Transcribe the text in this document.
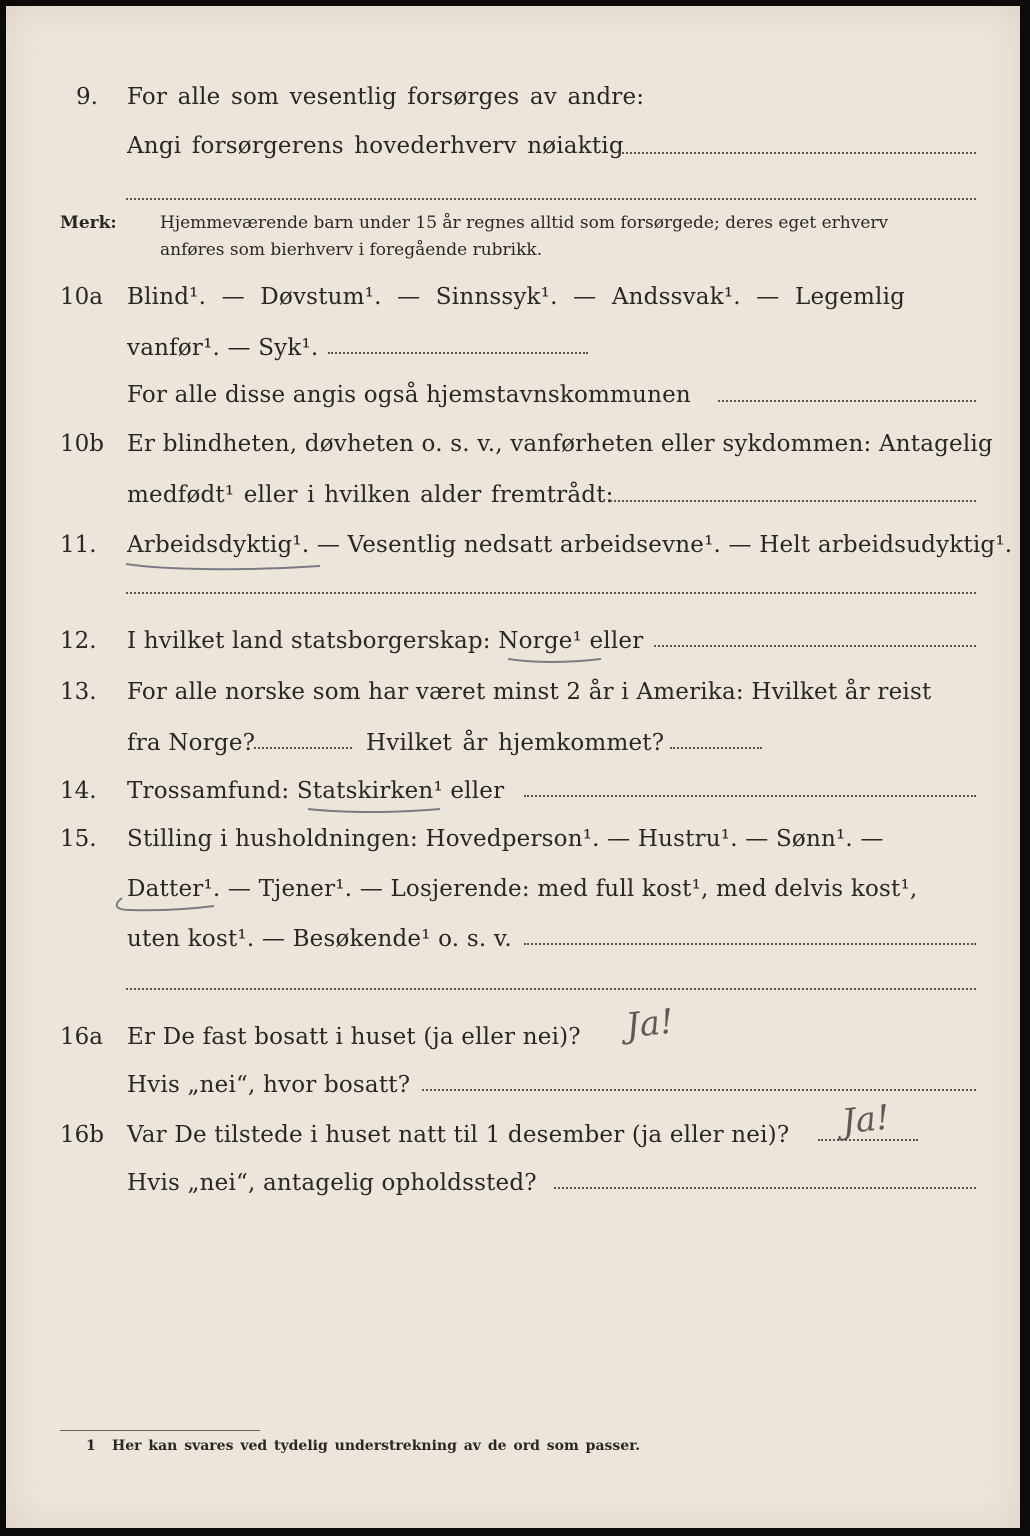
9. For alle som vesentlig forsørges av andre:
Angi forsørgerens hovederhverv nøiaktig
Merk:	Hjemmeværende barn under 15 år regnes alltid som forsørgede; deres eget erhverv
anføres som bierhverv i foregående rubrikk.
10a Blind¹. — Døvstum¹. — Sinnssyk¹. — Andssvak¹. — Legemlig
vanfør¹. — Syk¹.
For alle disse angis også hjemstavnskommunen
10b Er blindheten, døvheten o. s. v., vanførheten eller sykdommen: Antagelig
medfødt¹ eller i hvilken alder fremtrådt:
11. Arbeidsdyktig¹. — Vesentlig nedsatt arbeidsevne¹. — Helt arbeidsudyktig¹.
12. I hvilket land statsborgerskap: Norge¹ eller
13. For alle norske som har været minst 2 år i Amerika: Hvilket år reist
fra Norge?	Hvilket år hjemkommet?
14. Trossamfund: Statskirken¹ eller
15. Stilling i husholdningen: Hovedperson¹. — Hustru¹. — Sønn¹. —
Datter¹. — Tjener¹. — Losjerende: med full kost¹, med delvis kost¹,
uten kost¹. — Besøkende¹ o. s. v.
16a Er De fast bosatt i huset (ja eller nei)? Ja!
Hvis „nei“, hvor bosatt?
16b Var De tilstede i huset natt til 1 desember (ja eller nei)? Ja!
Hvis „nei“, antagelig opholdssted?
1 Her kan svares ved tydelig understrekning av de ord som passer.
